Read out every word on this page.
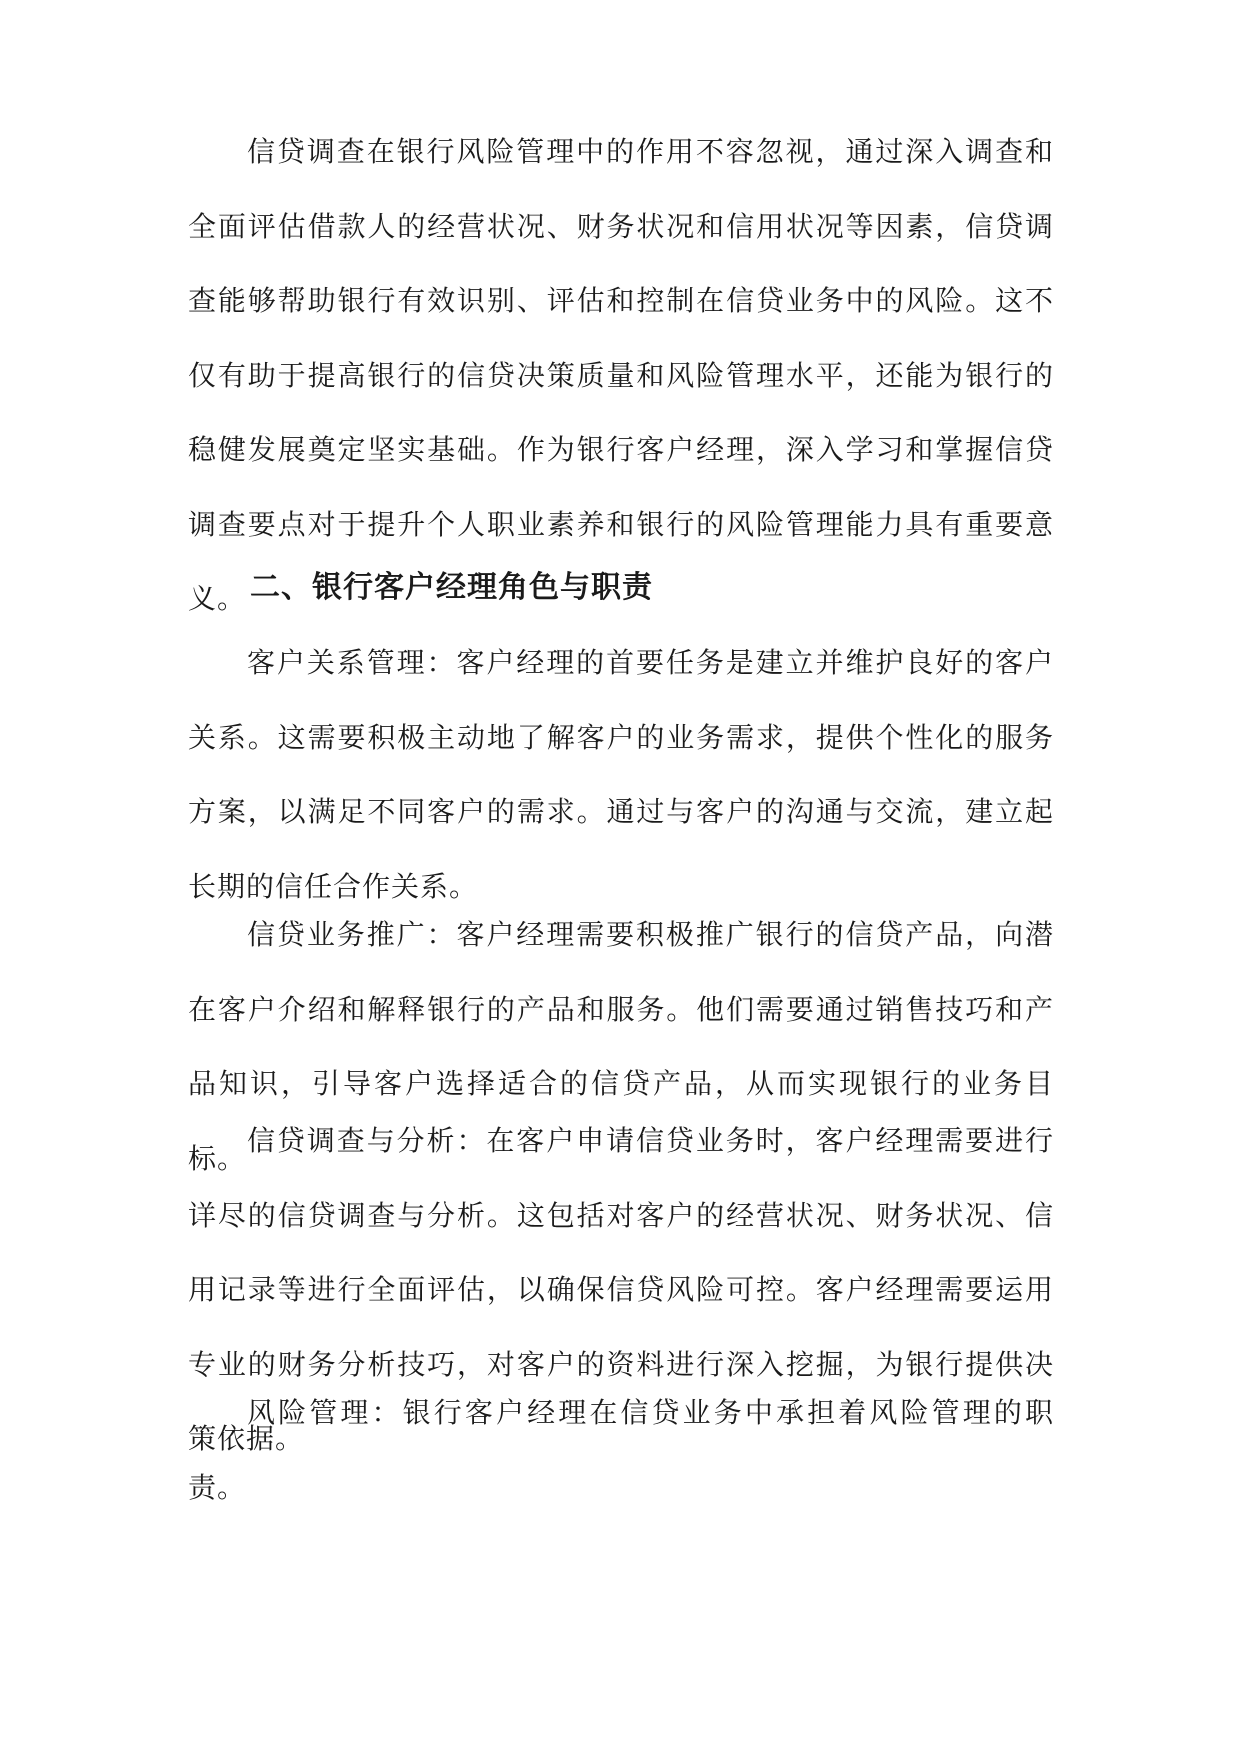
信贷调查在银行风险管理中的作用不容忽视，通过深入调查和全面评估借款人的经营状况、财务状况和信用状况等因素，信贷调查能够帮助银行有效识别、评估和控制在信贷业务中的风险。这不仅有助于提高银行的信贷决策质量和风险管理水平，还能为银行的稳健发展奠定坚实基础。作为银行客户经理，深入学习和掌握信贷调查要点对于提升个人职业素养和银行的风险管理能力具有重要意义。 二、银行客户经理角色与职责

客户关系管理：客户经理的首要任务是建立并维护良好的客户关系。这需要积极主动地了解客户的业务需求，提供个性化的服务方案，以满足不同客户的需求。通过与客户的沟通与交流，建立起长期的信任合作关系。

信贷业务推广：客户经理需要积极推广银行的信贷产品，向潜在客户介绍和解释银行的产品和服务。他们需要通过销售技巧和产品知识，引导客户选择适合的信贷产品，从而实现银行的业务目标。

信贷调查与分析：在客户申请信贷业务时，客户经理需要进行详尽的信贷调查与分析。这包括对客户的经营状况、财务状况、信用记录等进行全面评估，以确保信贷风险可控。客户经理需要运用专业的财务分析技巧，对客户的资料进行深入挖掘，为银行提供决策依据。

风险管理：银行客户经理在信贷业务中承担着风险管理的职责。
